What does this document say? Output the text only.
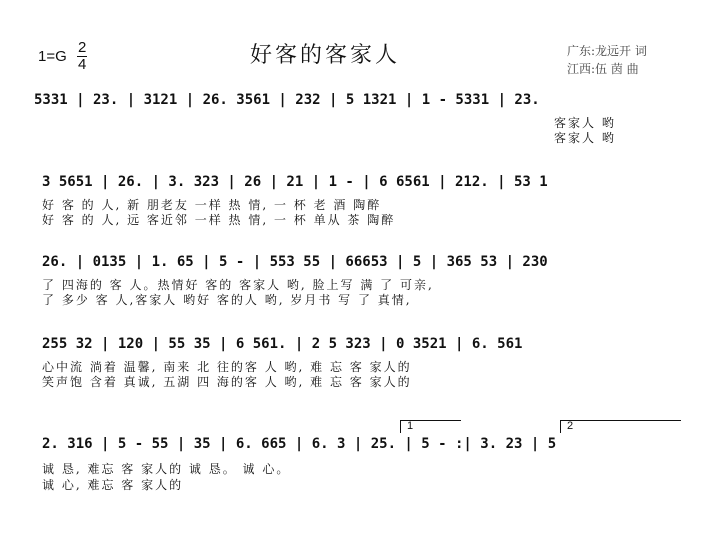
$1=G \frac{2}{4}$	好客的客家人	广东:龙远开 词
江西:伍 茵 曲
5331 | 23. | 3121 | 26. 3561 | 232 | 5 1321 | 1 - 5331 | 23.
客家人 哟
客家人 哟
3 5651 | 26. | 3. 323 | 26 | 21 | 1 - | 6 6561 | 212. | 53 1
好 客 的 人, 新 朋老友 一样 热 情, 一 杯 老 酒 陶醉
好 客 的 人, 远 客近邻 一样 热 情, 一 杯 单从 茶 陶醉
26. | 0135 | 1. 65 | 5 - | 553 55 | 66653 | 5 | 365 53 | 230
了 四海的 客 人。热情好 客的 客家人 哟, 脸上写 满 了 可亲,
了 多少 客 人,客家人 哟好 客的人 哟, 岁月书 写 了 真情,
255 32 | 120 | 55 35 | 6 561. | 2 5 323 | 0 3521 | 6. 561
心中流 淌着 温馨, 南来 北 往的客 人 哟, 难 忘 客 家人的
笑声饱 含着 真诚, 五湖 四 海的客 人 哟, 难 忘 客 家人的
1	2
2. 316 | 5 - 55 | 35 | 6. 665 | 6. 3 | 25. | 5 - :| 3. 23 | 5
诚 恳, 难忘 客 家人的 诚 恳。 诚 心。
诚 心, 难忘 客 家人的
